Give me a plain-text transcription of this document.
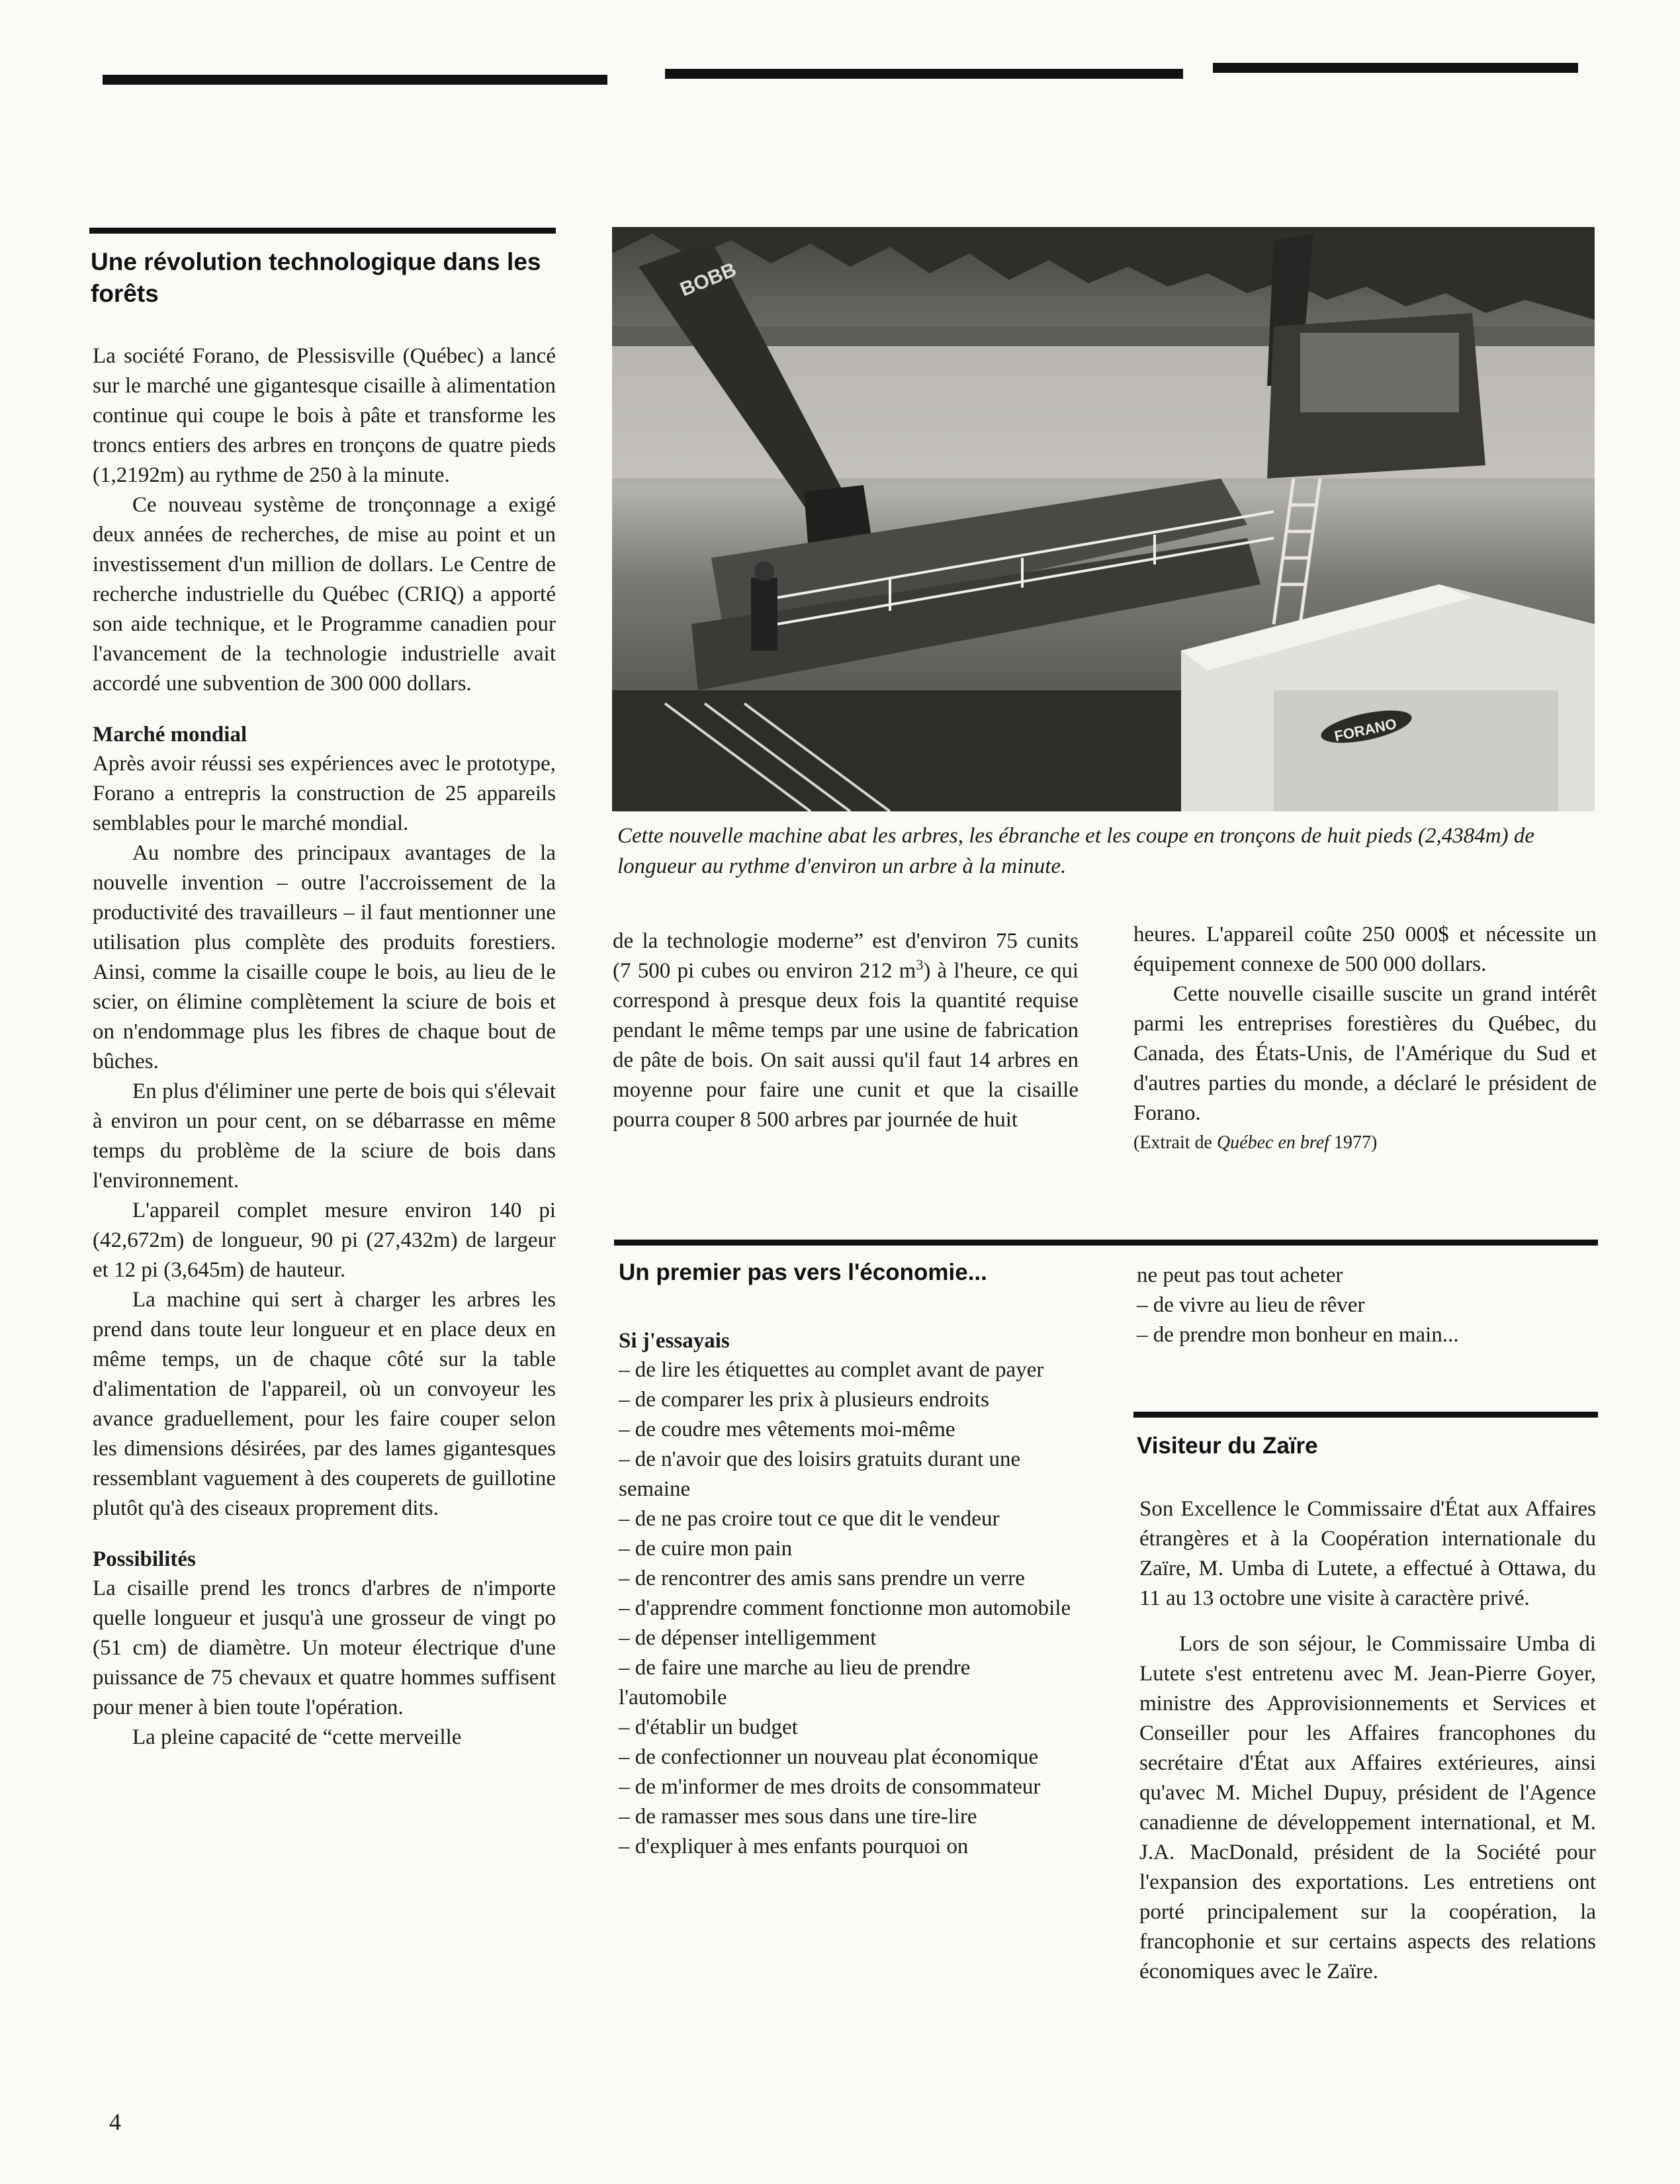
Une révolution technologique dans les forêts

La société Forano, de Plessisville (Québec) a lancé sur le marché une gigantesque cisaille à alimentation continue qui coupe le bois à pâte et transforme les troncs entiers des arbres en tronçons de quatre pieds (1,2192m) au rythme de 250 à la minute.

Ce nouveau système de tronçonnage a exigé deux années de recherches, de mise au point et un investissement d'un million de dollars. Le Centre de recherche industrielle du Québec (CRIQ) a apporté son aide technique, et le Programme canadien pour l'avancement de la technologie industrielle avait accordé une subvention de 300 000 dollars.

Marché mondial

Après avoir réussi ses expériences avec le prototype, Forano a entrepris la construction de 25 appareils semblables pour le marché mondial.

Au nombre des principaux avantages de la nouvelle invention – outre l'accroissement de la productivité des travailleurs – il faut mentionner une utilisation plus complète des produits forestiers. Ainsi, comme la cisaille coupe le bois, au lieu de le scier, on élimine complètement la sciure de bois et on n'endommage plus les fibres de chaque bout de bûches.

En plus d'éliminer une perte de bois qui s'élevait à environ un pour cent, on se débarrasse en même temps du problème de la sciure de bois dans l'environnement.

L'appareil complet mesure environ 140 pi (42,672m) de longueur, 90 pi (27,432m) de largeur et 12 pi (3,645m) de hauteur.

La machine qui sert à charger les arbres les prend dans toute leur longueur et en place deux en même temps, un de chaque côté sur la table d'alimentation de l'appareil, où un convoyeur les avance graduellement, pour les faire couper selon les dimensions désirées, par des lames gigantesques ressemblant vaguement à des couperets de guillotine plutôt qu'à des ciseaux proprement dits.

Possibilités

La cisaille prend les troncs d'arbres de n'importe quelle longueur et jusqu'à une grosseur de vingt po (51 cm) de diamètre. Un moteur électrique d'une puissance de 75 chevaux et quatre hommes suffisent pour mener à bien toute l'opération.

La pleine capacité de “cette merveille

BOBB
FORANO
Cette nouvelle machine abat les arbres, les ébranche et les coupe en tronçons de huit pieds (2,4384m) de longueur au rythme d'environ un arbre à la minute.

de la technologie moderne” est d'environ 75 cunits (7 500 pi cubes ou environ 212 $m^3$) à l'heure, ce qui correspond à presque deux fois la quantité requise pendant le même temps par une usine de fabrication de pâte de bois. On sait aussi qu'il faut 14 arbres en moyenne pour faire une cunit et que la cisaille pourra couper 8 500 arbres par journée de huit

heures. L'appareil coûte 250 000$ et nécessite un équipement connexe de 500 000 dollars.

Cette nouvelle cisaille suscite un grand intérêt parmi les entreprises forestières du Québec, du Canada, des États-Unis, de l'Amérique du Sud et d'autres parties du monde, a déclaré le président de Forano.

(Extrait de Québec en bref 1977)

Un premier pas vers l'économie...

Si j'essayais

– de lire les étiquettes au complet avant de payer

– de comparer les prix à plusieurs endroits

– de coudre mes vêtements moi-même

– de n'avoir que des loisirs gratuits durant une semaine

– de ne pas croire tout ce que dit le vendeur

– de cuire mon pain

– de rencontrer des amis sans prendre un verre

– d'apprendre comment fonctionne mon automobile

– de dépenser intelligemment

– de faire une marche au lieu de prendre l'automobile

– d'établir un budget

– de confectionner un nouveau plat économique

– de m'informer de mes droits de consommateur

– de ramasser mes sous dans une tire-lire

– d'expliquer à mes enfants pourquoi on

ne peut pas tout acheter

– de vivre au lieu de rêver

– de prendre mon bonheur en main...

Visiteur du Zaïre

Son Excellence le Commissaire d'État aux Affaires étrangères et à la Coopération internationale du Zaïre, M. Umba di Lutete, a effectué à Ottawa, du 11 au 13 octobre une visite à caractère privé.

Lors de son séjour, le Commissaire Umba di Lutete s'est entretenu avec M. Jean-Pierre Goyer, ministre des Approvisionnements et Services et Conseiller pour les Affaires francophones du secrétaire d'État aux Affaires extérieures, ainsi qu'avec M. Michel Dupuy, président de l'Agence canadienne de développement international, et M. J.A. MacDonald, président de la Société pour l'expansion des exportations. Les entretiens ont porté principalement sur la coopération, la francophonie et sur certains aspects des relations économiques avec le Zaïre.

4
